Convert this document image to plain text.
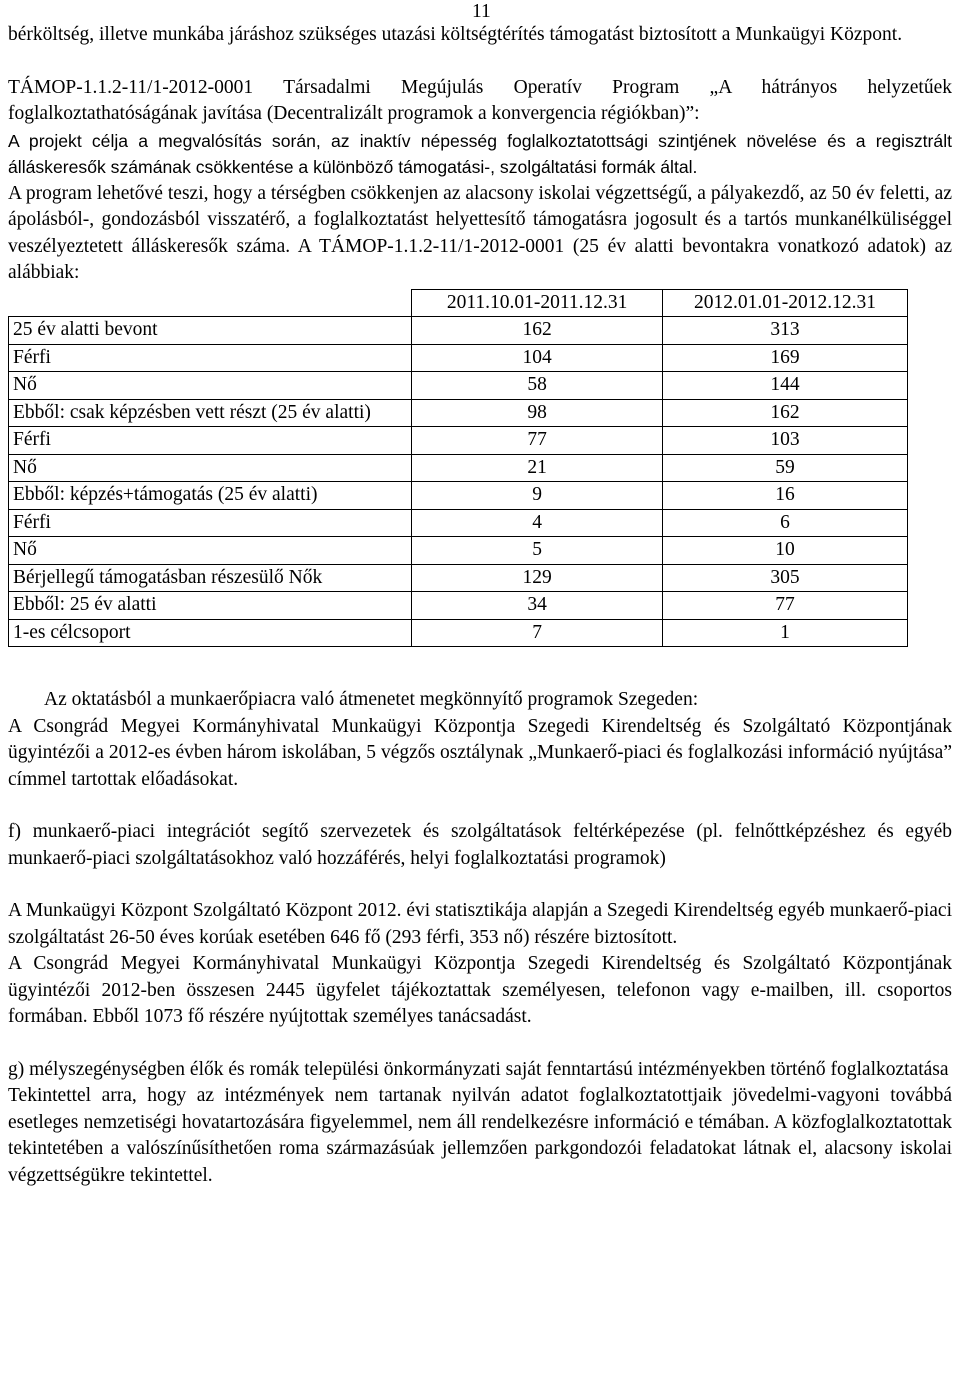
11

bérköltség, illetve munkába járáshoz szükséges utazási költségtérítés támogatást biztosított a Munkaügyi Központ.

TÁMOP-1.1.2-11/1-2012-0001 Társadalmi Megújulás Operatív Program „A hátrányos helyzetűek foglalkoztathatóságának javítása (Decentralizált programok a konvergencia régiókban)”:

A projekt célja a megvalósítás során, az inaktív népesség foglalkoztatottsági szintjének növelése és a regisztrált álláskeresők számának csökkentése a különböző támogatási-, szolgáltatási formák által.

A program lehetővé teszi, hogy a térségben csökkenjen az alacsony iskolai végzettségű, a pályakezdő, az 50 év feletti, az ápolásból-, gondozásból visszatérő, a foglalkoztatást helyettesítő támogatásra jogosult és a tartós munkanélküliséggel veszélyeztetett álláskeresők száma. A TÁMOP-1.1.2-11/1-2012-0001 (25 év alatti bevontakra vonatkozó adatok) az alábbiak:

	2011.10.01-2011.12.31	2012.01.01-2012.12.31
25 év alatti bevont	162	313
Férfi	104	169
Nő	58	144
Ebből: csak képzésben vett részt (25 év alatti)	98	162
Férfi	77	103
Nő	21	59
Ebből: képzés+támogatás (25 év alatti)	9	16
Férfi	4	6
Nő	5	10
Bérjellegű támogatásban részesülő Nők	129	305
Ebből: 25 év alatti	34	77
1-es célcsoport	7	1

Az oktatásból a munkaerőpiacra való átmenetet megkönnyítő programok Szegeden:

A Csongrád Megyei Kormányhivatal Munkaügyi Központja Szegedi Kirendeltség és Szolgáltató Központjának ügyintézői a 2012-es évben három iskolában, 5 végzős osztálynak „Munkaerő-piaci és foglalkozási információ nyújtása” címmel tartottak előadásokat.

f) munkaerő-piaci integrációt segítő szervezetek és szolgáltatások feltérképezése (pl. felnőttképzéshez és egyéb munkaerő-piaci szolgáltatásokhoz való hozzáférés, helyi foglalkoztatási programok)

A Munkaügyi Központ Szolgáltató Központ 2012. évi statisztikája alapján a Szegedi Kirendeltség egyéb munkaerő-piaci szolgáltatást 26-50 éves korúak esetében 646 fő (293 férfi, 353 nő) részére biztosított.

A Csongrád Megyei Kormányhivatal Munkaügyi Központja Szegedi Kirendeltség és Szolgáltató Központjának ügyintézői 2012-ben összesen 2445 ügyfelet tájékoztattak személyesen, telefonon vagy e-mailben, ill. csoportos formában. Ebből 1073 fő részére nyújtottak személyes tanácsadást.

g) mélyszegénységben élők és romák települési önkormányzati saját fenntartású intézményekben történő foglalkoztatása

Tekintettel arra, hogy az intézmények nem tartanak nyilván adatot foglalkoztatottjaik jövedelmi-vagyoni továbbá esetleges nemzetiségi hovatartozására figyelemmel, nem áll rendelkezésre információ e témában. A közfoglalkoztatottak tekintetében a valószínűsíthetően roma származásúak jellemzően parkgondozói feladatokat látnak el, alacsony iskolai végzettségükre tekintettel.
